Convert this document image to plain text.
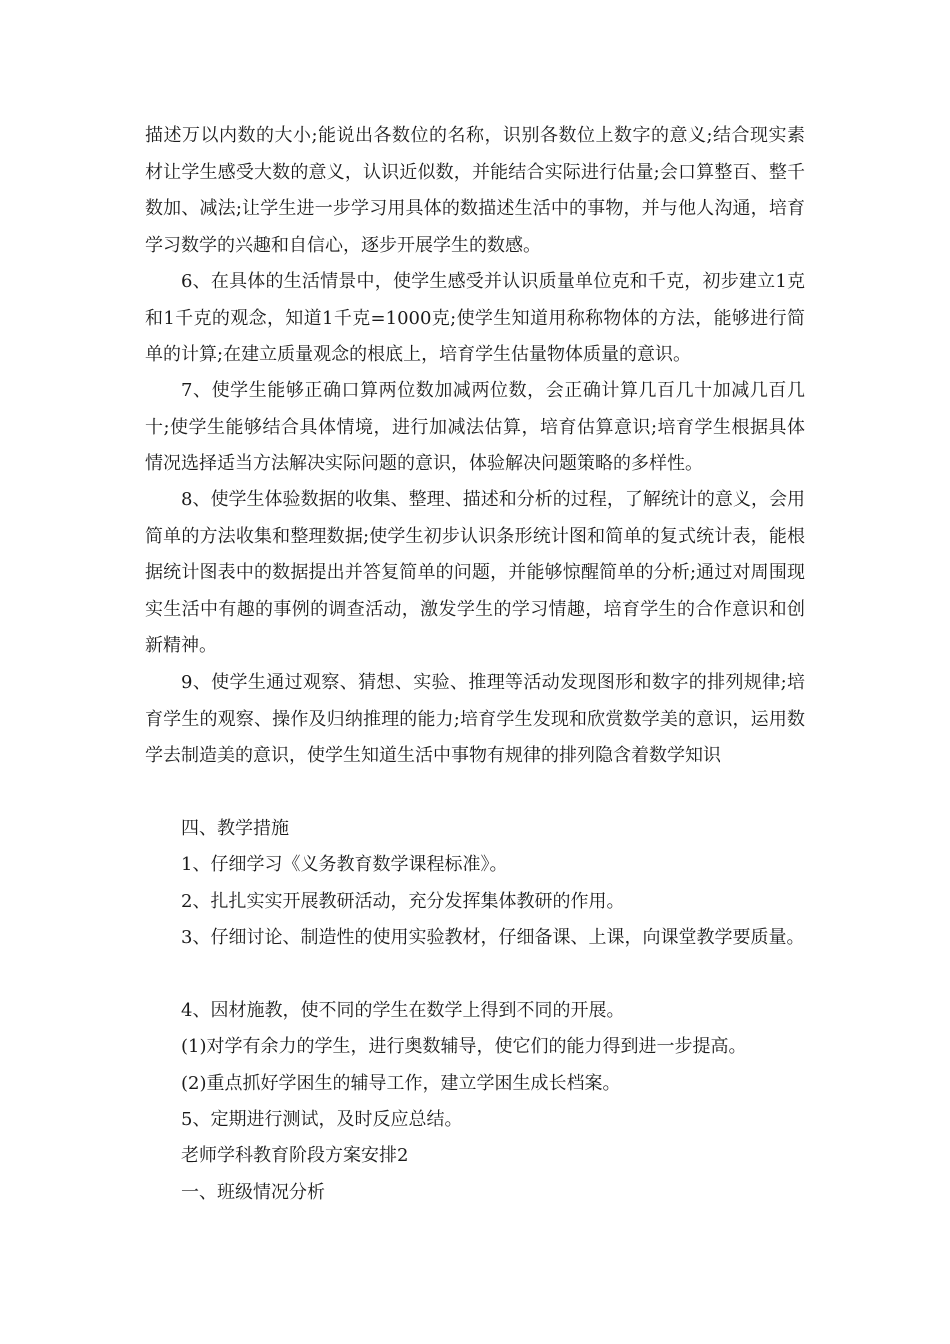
描述万以内数的大小;能说出各数位的名称，识别各数位上数字的意义;结合现实素材让学生感受大数的意义，认识近似数，并能结合实际进行估量;会口算整百、整千数加、减法;让学生进一步学习用具体的数描述生活中的事物，并与他人沟通，培育学习数学的兴趣和自信心，逐步开展学生的数感。

6、在具体的生活情景中，使学生感受并认识质量单位克和千克，初步建立1克和1千克的观念，知道1千克=1000克;使学生知道用称称物体的方法，能够进行简单的计算;在建立质量观念的根底上，培育学生估量物体质量的意识。

7、使学生能够正确口算两位数加减两位数，会正确计算几百几十加减几百几十;使学生能够结合具体情境，进行加减法估算，培育估算意识;培育学生根据具体情况选择适当方法解决实际问题的意识，体验解决问题策略的多样性。

8、使学生体验数据的收集、整理、描述和分析的过程，了解统计的意义，会用简单的方法收集和整理数据;使学生初步认识条形统计图和简单的复式统计表，能根据统计图表中的数据提出并答复简单的问题，并能够惊醒简单的分析;通过对周围现实生活中有趣的事例的调查活动，激发学生的学习情趣，培育学生的合作意识和创新精神。

9、使学生通过观察、猜想、实验、推理等活动发现图形和数字的排列规律;培育学生的观察、操作及归纳推理的能力;培育学生发现和欣赏数学美的意识，运用数学去制造美的意识，使学生知道生活中事物有规律的排列隐含着数学知识

四、教学措施

1、仔细学习《义务教育数学课程标准》。

2、扎扎实实开展教研活动，充分发挥集体教研的作用。

3、仔细讨论、制造性的使用实验教材，仔细备课、上课，向课堂教学要质量。

4、因材施教，使不同的学生在数学上得到不同的开展。

(1)对学有余力的学生，进行奥数辅导，使它们的能力得到进一步提高。

(2)重点抓好学困生的辅导工作，建立学困生成长档案。

5、定期进行测试，及时反应总结。

老师学科教育阶段方案安排2

一、班级情况分析
